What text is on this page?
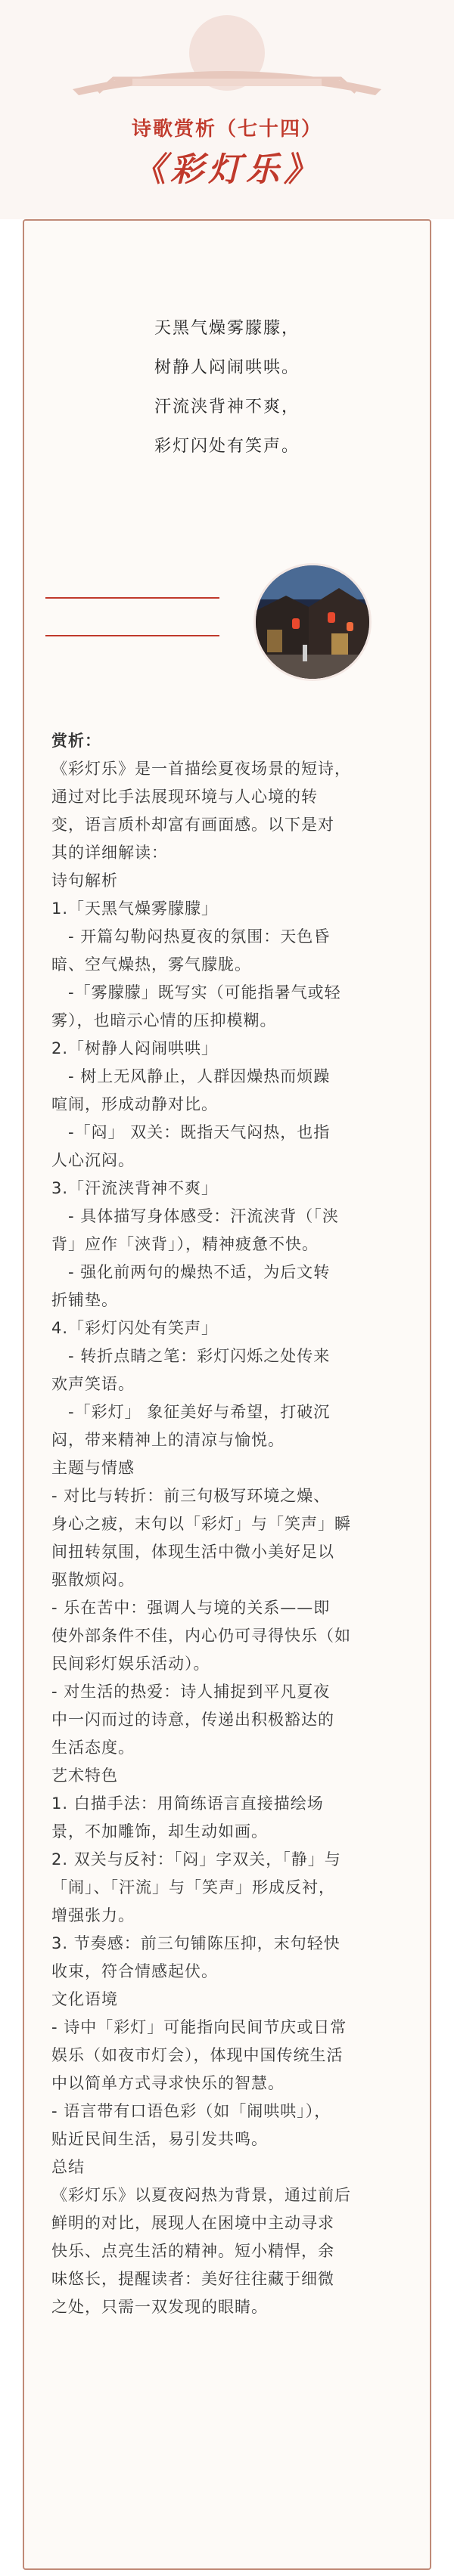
诗歌赏析（七十四）
《彩灯乐》
天黑气燥雾朦朦，
树静人闷闹哄哄。
汗流浃背神不爽，
彩灯闪处有笑声。

赏析：

《彩灯乐》是一首描绘夏夜场景的短诗，

通过对比手法展现环境与人心境的转

变，语言质朴却富有画面感。以下是对

其的详细解读：

诗句解析

1.「天黑气燥雾朦朦」

- 开篇勾勒闷热夏夜的氛围：天色昏

暗、空气燥热，雾气朦胧。

-「雾朦朦」既写实（可能指暑气或轻

雾），也暗示心情的压抑模糊。

2.「树静人闷闹哄哄」

- 树上无风静止，人群因燥热而烦躁

喧闹，形成动静对比。

-「闷」 双关：既指天气闷热，也指

人心沉闷。

3.「汗流浃背神不爽」

- 具体描写身体感受：汗流浃背（「浃

背」应作「浹背」），精神疲惫不快。

- 强化前两句的燥热不适，为后文转

折铺垫。

4.「彩灯闪处有笑声」

- 转折点睛之笔：彩灯闪烁之处传来

欢声笑语。

-「彩灯」 象征美好与希望，打破沉

闷，带来精神上的清凉与愉悦。

主题与情感

- 对比与转折：前三句极写环境之燥、

身心之疲，末句以「彩灯」与「笑声」瞬

间扭转氛围，体现生活中微小美好足以

驱散烦闷。

- 乐在苦中：强调人与境的关系——即

使外部条件不佳，内心仍可寻得快乐（如

民间彩灯娱乐活动）。

- 对生活的热爱：诗人捕捉到平凡夏夜

中一闪而过的诗意，传递出积极豁达的

生活态度。

艺术特色

1. 白描手法：用简练语言直接描绘场

景，不加雕饰，却生动如画。

2. 双关与反衬：「闷」字双关，「静」与

「闹」、「汗流」与「笑声」形成反衬，

增强张力。

3. 节奏感：前三句铺陈压抑，末句轻快

收束，符合情感起伏。

文化语境

- 诗中「彩灯」可能指向民间节庆或日常

娱乐（如夜市灯会），体现中国传统生活

中以简单方式寻求快乐的智慧。

- 语言带有口语色彩（如「闹哄哄」），

贴近民间生活，易引发共鸣。

总结

《彩灯乐》以夏夜闷热为背景，通过前后

鲜明的对比，展现人在困境中主动寻求

快乐、点亮生活的精神。短小精悍，余

味悠长，提醒读者：美好往往藏于细微

之处，只需一双发现的眼睛。
